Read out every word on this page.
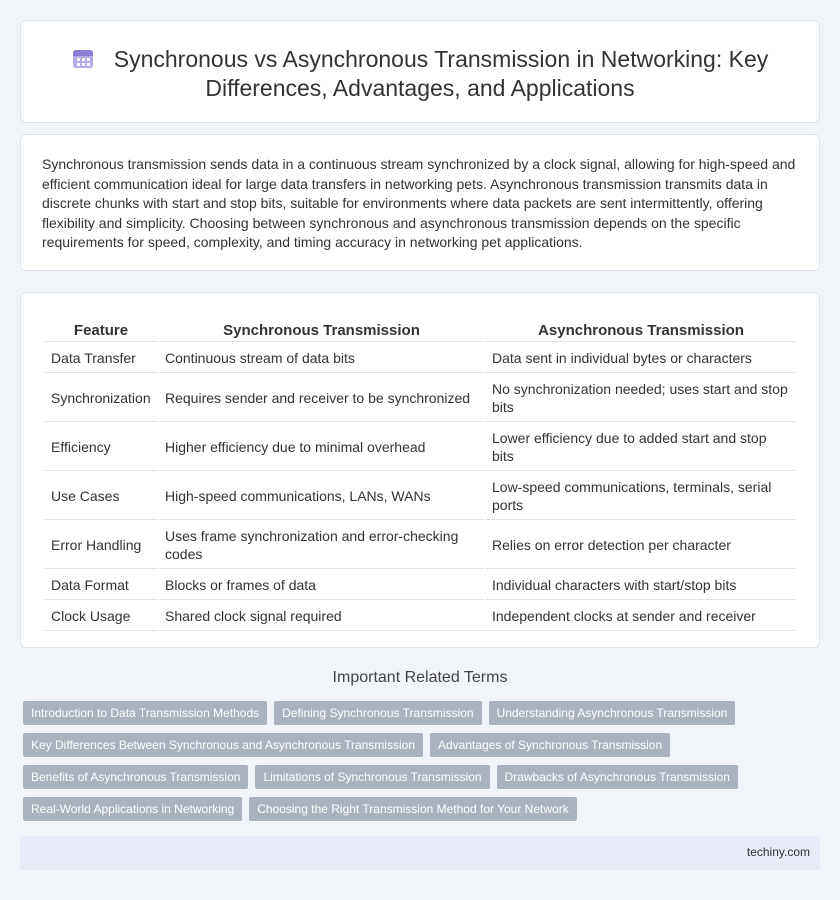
Synchronous vs Asynchronous Transmission in Networking: Key Differences, Advantages, and Applications

Synchronous transmission sends data in a continuous stream synchronized by a clock signal, allowing for high-speed and efficient communication ideal for large data transfers in networking pets. Asynchronous transmission transmits data in discrete chunks with start and stop bits, suitable for environments where data packets are sent intermittently, offering flexibility and simplicity. Choosing between synchronous and asynchronous transmission depends on the specific requirements for speed, complexity, and timing accuracy in networking pet applications.

Feature	Synchronous Transmission	Asynchronous Transmission
Data Transfer	Continuous stream of data bits	Data sent in individual bytes or characters
Synchronization	Requires sender and receiver to be synchronized	No synchronization needed; uses start and stop bits
Efficiency	Higher efficiency due to minimal overhead	Lower efficiency due to added start and stop bits
Use Cases	High-speed communications, LANs, WANs	Low-speed communications, terminals, serial ports
Error Handling	Uses frame synchronization and error-checking codes	Relies on error detection per character
Data Format	Blocks or frames of data	Individual characters with start/stop bits
Clock Usage	Shared clock signal required	Independent clocks at sender and receiver
Important Related Terms
Introduction to Data Transmission Methods	Defining Synchronous Transmission	Understanding Asynchronous Transmission
Key Differences Between Synchronous and Asynchronous Transmission	Advantages of Synchronous Transmission
Benefits of Asynchronous Transmission	Limitations of Synchronous Transmission	Drawbacks of Asynchronous Transmission
Real-World Applications in Networking	Choosing the Right Transmission Method for Your Network
techiny.com
